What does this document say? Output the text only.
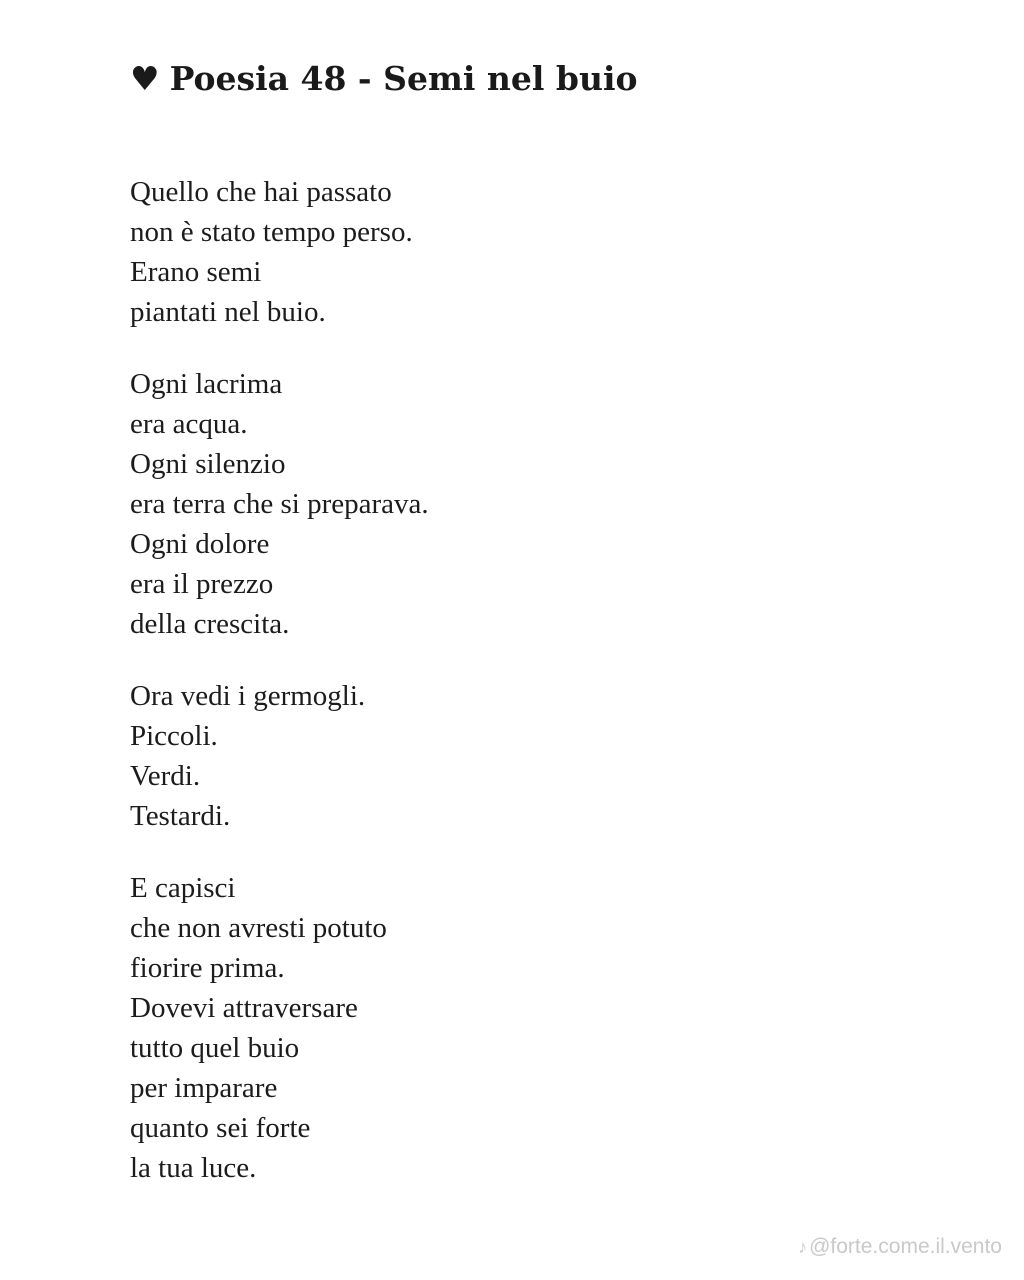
♥ Poesia 48 - Semi nel buio
Quello che hai passato
non è stato tempo perso.
Erano semi
piantati nel buio.
Ogni lacrima
era acqua.
Ogni silenzio
era terra che si preparava.
Ogni dolore
era il prezzo
della crescita.
Ora vedi i germogli.
Piccoli.
Verdi.
Testardi.
E capisci
che non avresti potuto
fiorire prima.
Dovevi attraversare
tutto quel buio
per imparare
quanto sei forte
la tua luce.
♪ @forte.come.il.vento
